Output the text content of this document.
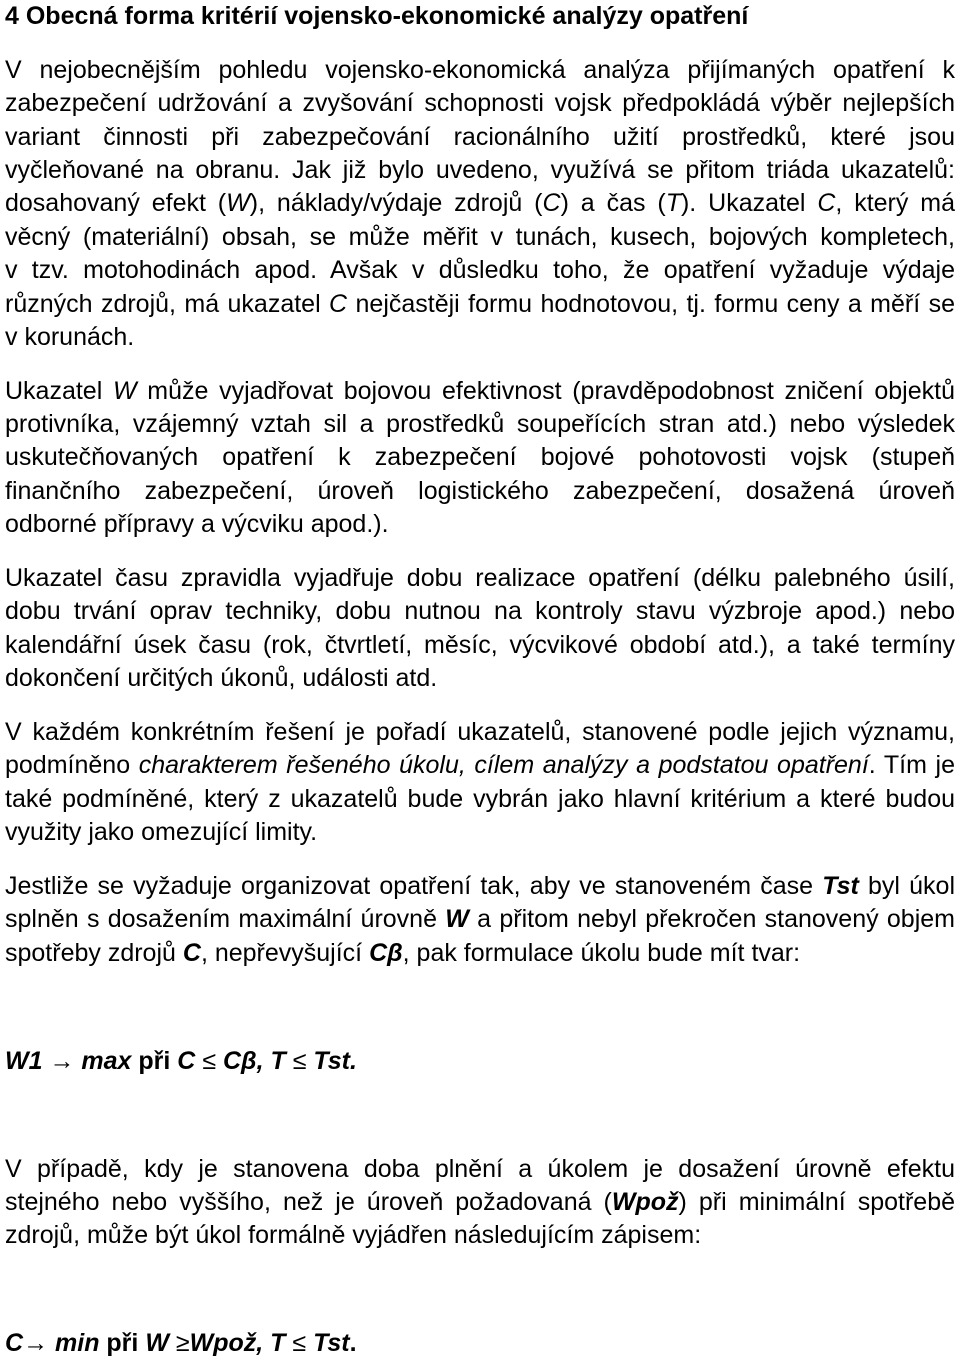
4 Obecná forma kritérií vojensko-ekonomické analýzy opatření
V nejobecnějším pohledu vojensko-ekonomická analýza přijímaných opatření k
zabezpečení udržování a zvyšování schopnosti vojsk předpokládá výběr nejlepších
variant činnosti při zabezpečování racionálního užití prostředků, které jsou
vyčleňované na obranu. Jak již bylo uvedeno, využívá se přitom triáda ukazatelů:
dosahovaný efekt (W), náklady/výdaje zdrojů (C) a čas (T). Ukazatel C, který má
věcný (materiální) obsah, se může měřit v tunách, kusech, bojových kompletech,
v tzv. motohodinách apod. Avšak v důsledku toho, že opatření vyžaduje výdaje
různých zdrojů, má ukazatel C nejčastěji formu hodnotovou, tj. formu ceny a měří se
v korunách.
Ukazatel W může vyjadřovat bojovou efektivnost (pravděpodobnost zničení objektů
protivníka, vzájemný vztah sil a prostředků soupeřících stran atd.) nebo výsledek
uskutečňovaných opatření k zabezpečení bojové pohotovosti vojsk (stupeň
finančního zabezpečení, úroveň logistického zabezpečení, dosažená úroveň
odborné přípravy a výcviku apod.).
Ukazatel času zpravidla vyjadřuje dobu realizace opatření (délku palebného úsilí,
dobu trvání oprav techniky, dobu nutnou na kontroly stavu výzbroje apod.) nebo
kalendářní úsek času (rok, čtvrtletí, měsíc, výcvikové období atd.), a také termíny
dokončení určitých úkonů, události atd.
V každém konkrétním řešení je pořadí ukazatelů, stanovené podle jejich významu,
podmíněno charakterem řešeného úkolu, cílem analýzy a podstatou opatření. Tím je
také podmíněné, který z ukazatelů bude vybrán jako hlavní kritérium a které budou
využity jako omezující limity.
Jestliže se vyžaduje organizovat opatření tak, aby ve stanoveném čase Tst byl úkol
splněn s dosažením maximální úrovně W a přitom nebyl překročen stanovený objem
spotřeby zdrojů C, nepřevyšující Cβ, pak formulace úkolu bude mít tvar:
W1 → max při C ≤ Cβ, T ≤ Tst.
V případě, kdy je stanovena doba plnění a úkolem je dosažení úrovně efektu
stejného nebo vyššího, než je úroveň požadovaná (Wpož) při minimální spotřebě
zdrojů, může být úkol formálně vyjádřen následujícím zápisem:
C→ min při W ≥Wpož, T ≤ Tst.
